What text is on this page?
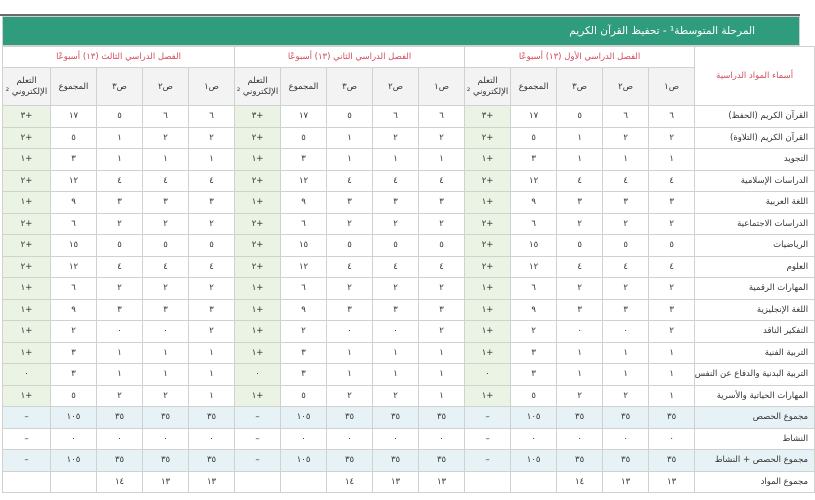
المرحلة المتوسطة¹ - تحفيظ القرآن الكريم
أسماء المواد الدراسية	الفصل الدراسي الأول (١٣) أسبوعًا					الفصل الدراسي الثاني (١٣) أسبوعًا					الفصل الدراسي الثالث (١٣) أسبوعًا				
	ص١	ص٢	ص٣	المجموع	التعلم الإلكتروني ²	ص١	ص٢	ص٣	المجموع	التعلم الإلكتروني ²	ص١	ص٢	ص٣	المجموع	التعلم الإلكتروني ²
القرآن الكريم (الحفظ)	٦	٦	٥	١٧	+٣	٦	٦	٥	١٧	+٣	٦	٦	٥	١٧	+٣
القرآن الكريم (التلاوة)	٢	٢	١	٥	+٢	٢	٢	١	٥	+٢	٢	٢	١	٥	+٢
التجويد	١	١	١	٣	+١	١	١	١	٣	+١	١	١	١	٣	+١
الدراسات الإسلامية	٤	٤	٤	١٢	+٢	٤	٤	٤	١٢	+٢	٤	٤	٤	١٢	+٢
اللغة العربية	٣	٣	٣	٩	+١	٣	٣	٣	٩	+١	٣	٣	٣	٩	+١
الدراسات الاجتماعية	٢	٢	٢	٦	+٢	٢	٢	٢	٦	+٢	٢	٢	٢	٦	+٢
الرياضيات	٥	٥	٥	١٥	+٢	٥	٥	٥	١٥	+٢	٥	٥	٥	١٥	+٢
العلوم	٤	٤	٤	١٢	+٢	٤	٤	٤	١٢	+٢	٤	٤	٤	١٢	+٢
المهارات الرقمية	٢	٢	٢	٦	+١	٢	٢	٢	٦	+١	٢	٢	٢	٦	+١
اللغة الإنجليزية	٣	٣	٣	٩	+١	٣	٣	٣	٩	+١	٣	٣	٣	٩	+١
التفكير الناقد	٢	٠	٠	٢	+١	٢	٠	٠	٢	+١	٢	٠	٠	٢	+١
التربية الفنية	١	١	١	٣	+١	١	١	١	٣	+١	١	١	١	٣	+١
التربية البدنية والدفاع عن النفس	١	١	١	٣	٠	١	١	١	٣	٠	١	١	١	٣	٠
المهارات الحياتية والأسرية	١	٢	٢	٥	+١	١	٢	٢	٥	+١	١	٢	٢	٥	+١
مجموع الحصص	٣٥	٣٥	٣٥	١٠٥	–	٣٥	٣٥	٣٥	١٠٥	–	٣٥	٣٥	٣٥	١٠٥	–
النشاط	٠	٠	٠	٠	–	٠	٠	٠	٠	–	٠	٠	٠	٠	–
مجموع الحصص + النشاط	٣٥	٣٥	٣٥	١٠٥	–	٣٥	٣٥	٣٥	١٠٥	–	٣٥	٣٥	٣٥	١٠٥	–
مجموع المواد	١٣	١٣	١٤			١٣	١٣	١٤			١٣	١٣	١٤		
